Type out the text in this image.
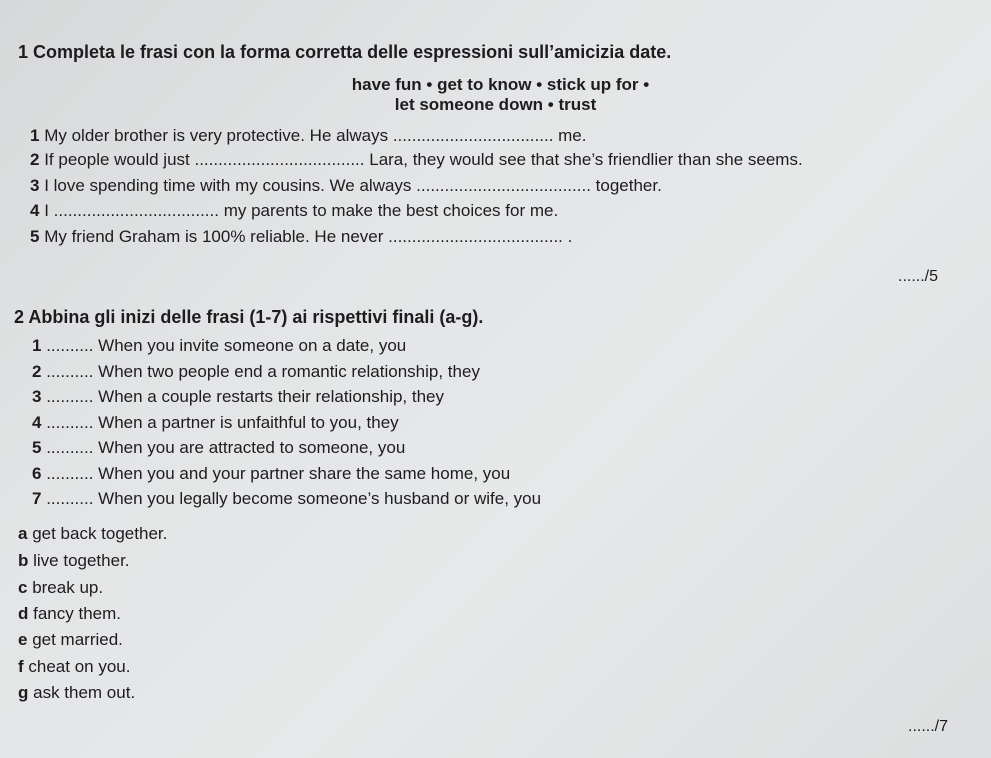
1 Completa le frasi con la forma corretta delle espressioni sull’amicizia date.
have fun • get to know • stick up for •
let someone down • trust
1 My older brother is very protective. He always .................................. me.
2 If people would just .................................... Lara, they would see that she’s friendlier than she seems.
3 I love spending time with my cousins. We always ..................................... together.
4 I ................................... my parents to make the best choices for me.
5 My friend Graham is 100% reliable. He never ..................................... .
....../5
2 Abbina gli inizi delle frasi (1-7) ai rispettivi finali (a-g).
1 .......... When you invite someone on a date, you
2 .......... When two people end a romantic relationship, they
3 .......... When a couple restarts their relationship, they
4 .......... When a partner is unfaithful to you, they
5 .......... When you are attracted to someone, you
6 .......... When you and your partner share the same home, you
7 .......... When you legally become someone’s husband or wife, you
a get back together.
b live together.
c break up.
d fancy them.
e get married.
f cheat on you.
g ask them out.
....../7
